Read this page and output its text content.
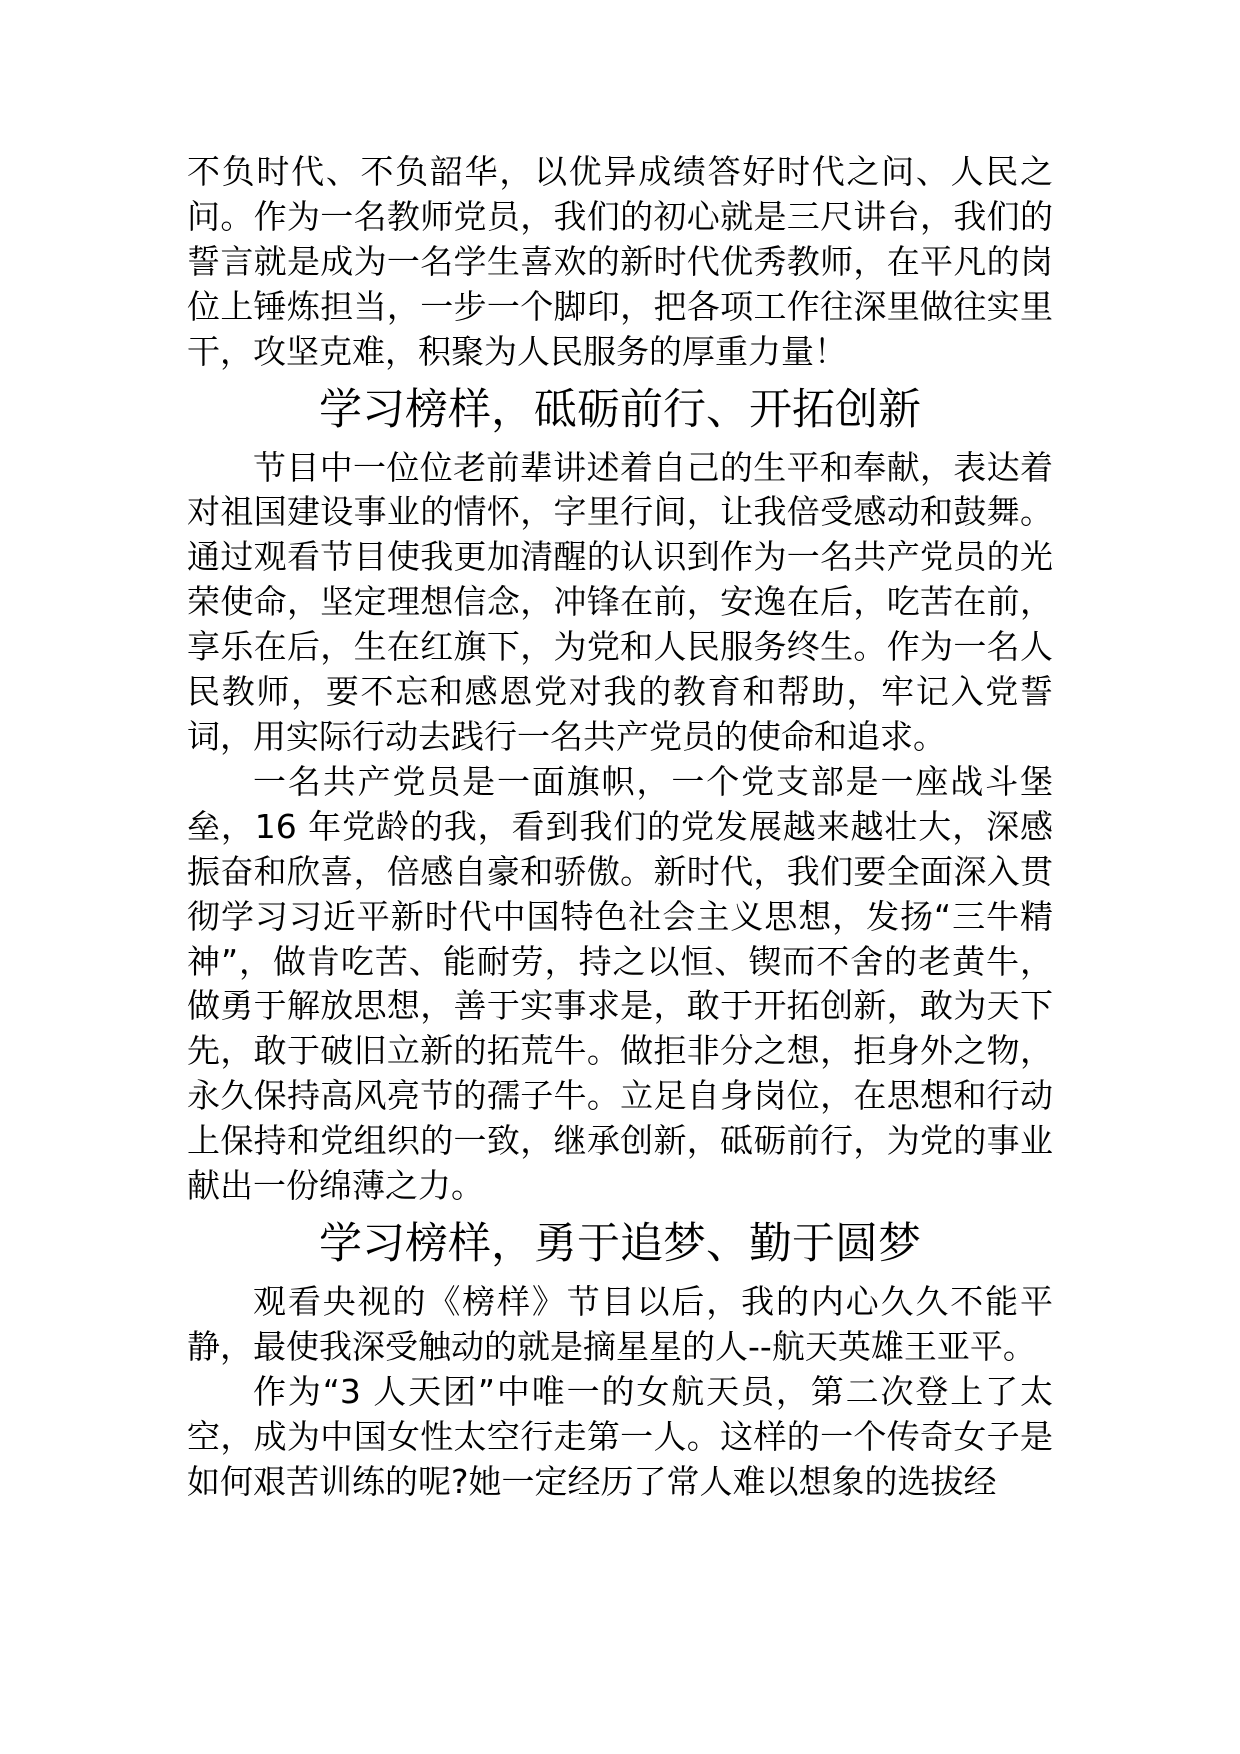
不负时代、不负韶华，以优异成绩答好时代之问、人民之问。作为一名教师党员，我们的初心就是三尺讲台，我们的誓言就是成为一名学生喜欢的新时代优秀教师，在平凡的岗位上锤炼担当，一步一个脚印，把各项工作往深里做往实里干，攻坚克难，积聚为人民服务的厚重力量！

学习榜样，砥砺前行、开拓创新

节目中一位位老前辈讲述着自己的生平和奉献，表达着对祖国建设事业的情怀，字里行间，让我倍受感动和鼓舞。通过观看节目使我更加清醒的认识到作为一名共产党员的光荣使命，坚定理想信念，冲锋在前，安逸在后，吃苦在前，享乐在后，生在红旗下，为党和人民服务终生。作为一名人民教师，要不忘和感恩党对我的教育和帮助，牢记入党誓词，用实际行动去践行一名共产党员的使命和追求。

一名共产党员是一面旗帜，一个党支部是一座战斗堡垒，16 年党龄的我，看到我们的党发展越来越壮大，深感振奋和欣喜，倍感自豪和骄傲。新时代，我们要全面深入贯彻学习习近平新时代中国特色社会主义思想，发扬“三牛精神”，做肯吃苦、能耐劳，持之以恒、锲而不舍的老黄牛，做勇于解放思想，善于实事求是，敢于开拓创新，敢为天下先，敢于破旧立新的拓荒牛。做拒非分之想，拒身外之物，永久保持高风亮节的孺子牛。立足自身岗位，在思想和行动上保持和党组织的一致，继承创新，砥砺前行，为党的事业献出一份绵薄之力。

学习榜样，勇于追梦、勤于圆梦

观看央视的《榜样》节目以后，我的内心久久不能平静，最使我深受触动的就是摘星星的人--航天英雄王亚平。

作为“3 人天团”中唯一的女航天员，第二次登上了太空，成为中国女性太空行走第一人。这样的一个传奇女子是如何艰苦训练的呢?她一定经历了常人难以想象的选拔经
